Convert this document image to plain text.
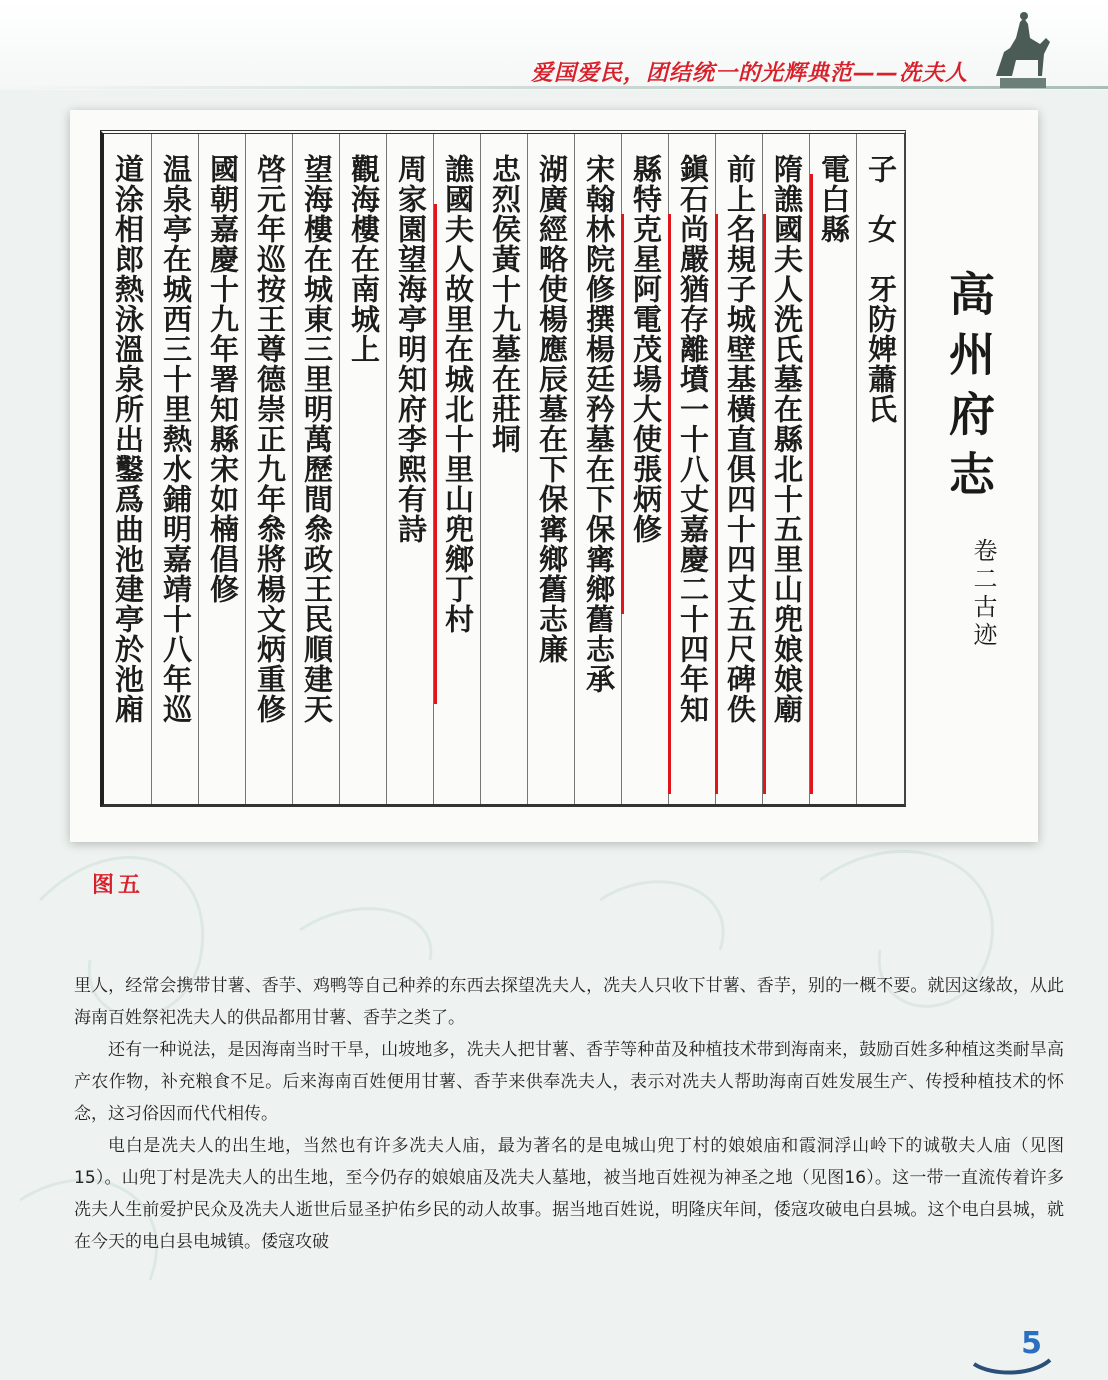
爱国爱民，团结统一的光辉典范——冼夫人
子　女　牙防婢蕭氏
電白縣
隋譙國夫人洗氏墓在縣北十五里山兜娘娘廟
前上名規子城壁基橫直俱四十四丈五尺碑佚
鎭石尚嚴猶存離墳一十八丈嘉慶二十四年知
縣特克星阿電茂場大使張炳修
宋翰林院修撰楊廷矜墓在下保寗鄉舊志承
湖廣經略使楊應辰墓在下保寗鄉舊志廉
忠烈侯黃十九墓在莊垌
譙國夫人故里在城北十里山兜鄉丁村
周家園望海亭明知府李熙有詩
觀海樓在南城上
望海樓在城東三里明萬歷間叅政王民順建天
啓元年巡按王尊德崇正九年叅將楊文炳重修
國朝嘉慶十九年署知縣宋如楠倡修
温泉亭在城西三十里熱水鋪明嘉靖十八年巡
道涂相郎熱泳溫泉所出鑿爲曲池建亭於池廂	高州府志
卷二古迹
图五

里人，经常会携带甘薯、香芋、鸡鸭等自己种养的东西去探望冼夫人，冼夫人只收下甘薯、香芋，别的一概不要。就因这缘故，从此海南百姓祭祀冼夫人的供品都用甘薯、香芋之类了。

还有一种说法，是因海南当时干旱，山坡地多，冼夫人把甘薯、香芋等种苗及种植技术带到海南来，鼓励百姓多种植这类耐旱高产农作物，补充粮食不足。后来海南百姓便用甘薯、香芋来供奉冼夫人，表示对冼夫人帮助海南百姓发展生产、传授种植技术的怀念，这习俗因而代代相传。

电白是冼夫人的出生地，当然也有许多冼夫人庙，最为著名的是电城山兜丁村的娘娘庙和霞洞浮山岭下的诚敬夫人庙（见图15）。山兜丁村是冼夫人的出生地，至今仍存的娘娘庙及冼夫人墓地，被当地百姓视为神圣之地（见图16）。这一带一直流传着许多冼夫人生前爱护民众及冼夫人逝世后显圣护佑乡民的动人故事。据当地百姓说，明隆庆年间，倭寇攻破电白县城。这个电白县城，就在今天的电白县电城镇。倭寇攻破

5
